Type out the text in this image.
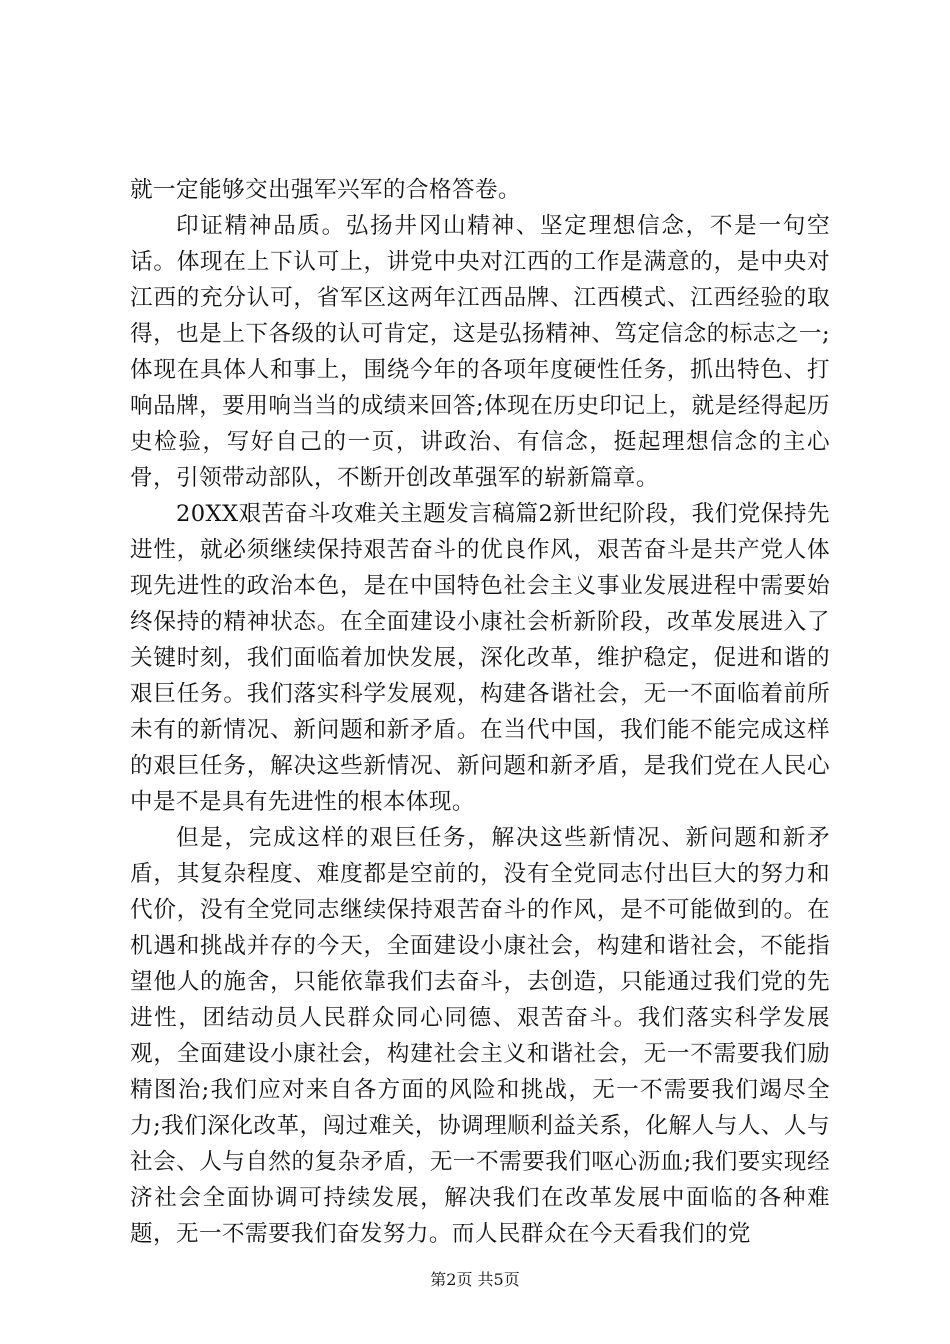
就一定能够交出强军兴军的合格答卷。

印证精神品质。弘扬井冈山精神、坚定理想信念，不是一句空话。体现在上下认可上，讲党中央对江西的工作是满意的，是中央对江西的充分认可，省军区这两年江西品牌、江西模式、江西经验的取得，也是上下各级的认可肯定，这是弘扬精神、笃定信念的标志之一;体现在具体人和事上，围绕今年的各项年度硬性任务，抓出特色、打响品牌，要用响当当的成绩来回答;体现在历史印记上，就是经得起历史检验，写好自己的一页，讲政治、有信念，挺起理想信念的主心骨，引领带动部队，不断开创改革强军的崭新篇章。

20XX艰苦奋斗攻难关主题发言稿篇2新世纪阶段，我们党保持先进性，就必须继续保持艰苦奋斗的优良作风，艰苦奋斗是共产党人体现先进性的政治本色，是在中国特色社会主义事业发展进程中需要始终保持的精神状态。在全面建设小康社会析新阶段，改革发展进入了关键时刻，我们面临着加快发展，深化改革，维护稳定，促进和谐的艰巨任务。我们落实科学发展观，构建各谐社会，无一不面临着前所未有的新情况、新问题和新矛盾。在当代中国，我们能不能完成这样的艰巨任务，解决这些新情况、新问题和新矛盾，是我们党在人民心中是不是具有先进性的根本体现。

但是，完成这样的艰巨任务，解决这些新情况、新问题和新矛盾，其复杂程度、难度都是空前的，没有全党同志付出巨大的努力和代价，没有全党同志继续保持艰苦奋斗的作风，是不可能做到的。在机遇和挑战并存的今天，全面建设小康社会，构建和谐社会，不能指望他人的施舍，只能依靠我们去奋斗，去创造，只能通过我们党的先进性，团结动员人民群众同心同德、艰苦奋斗。我们落实科学发展观，全面建设小康社会，构建社会主义和谐社会，无一不需要我们励精图治;我们应对来自各方面的风险和挑战，无一不需要我们竭尽全力;我们深化改革，闯过难关，协调理顺利益关系，化解人与人、人与社会、人与自然的复杂矛盾，无一不需要我们呕心沥血;我们要实现经济社会全面协调可持续发展，解决我们在改革发展中面临的各种难题，无一不需要我们奋发努力。而人民群众在今天看我们的党

第2页 共5页
